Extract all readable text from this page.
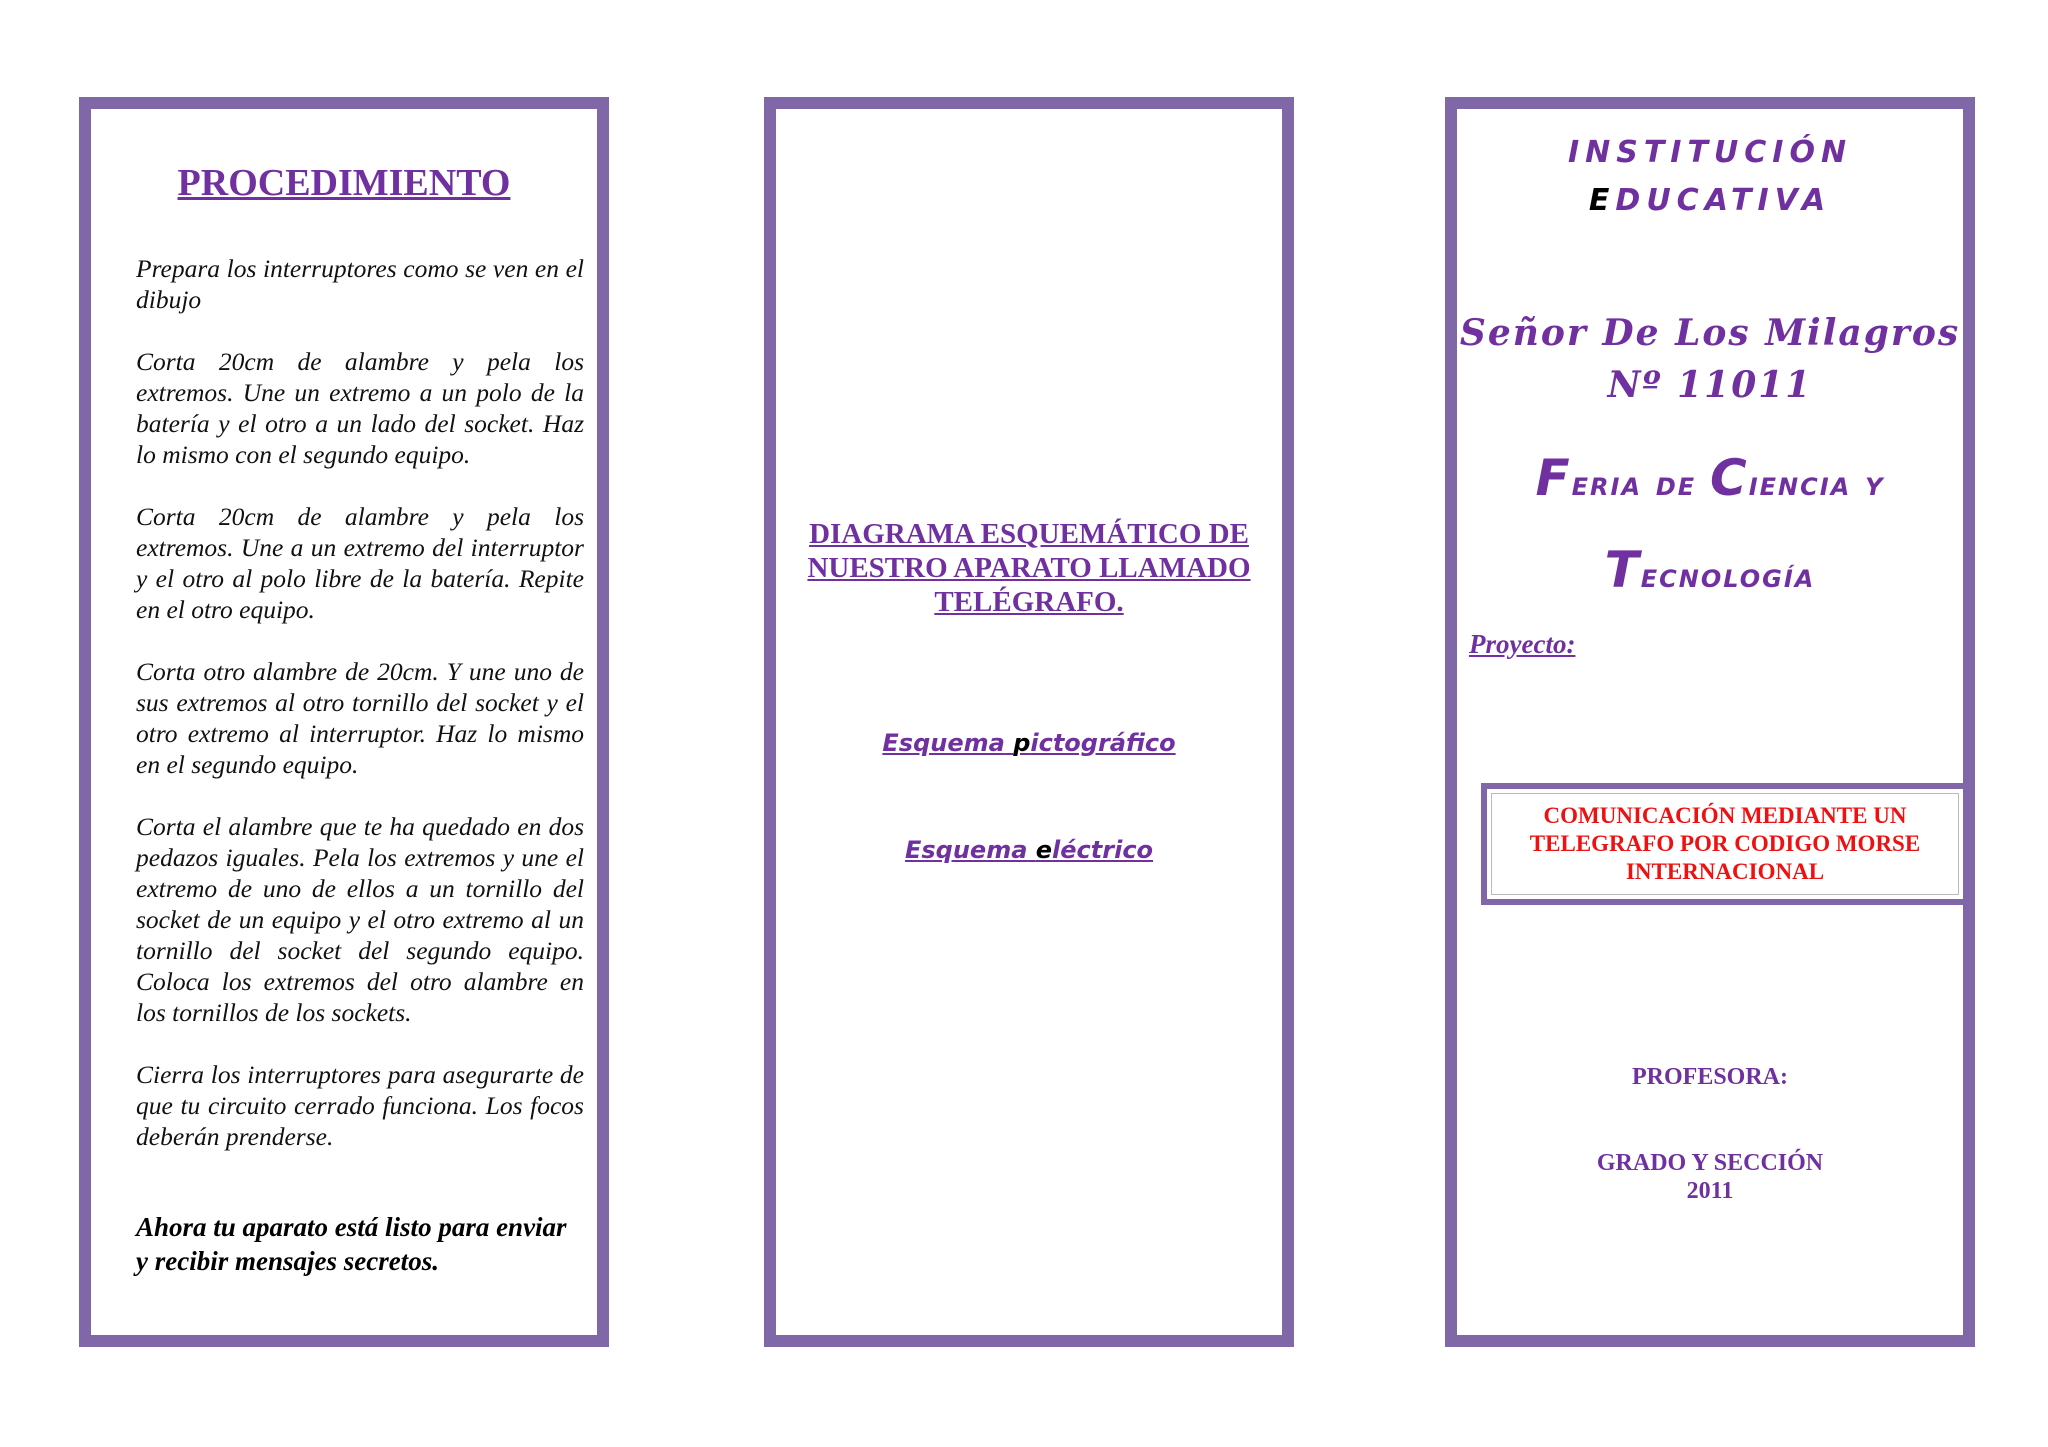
PROCEDIMIENTO

Prepara los interruptores como se ven en el dibujo

Corta 20cm de alambre y pela los extremos. Une un extremo a un polo de la batería y el otro a un lado del socket. Haz lo mismo con el segundo equipo.

Corta 20cm de alambre y pela los extremos. Une a un extremo del interruptor y el otro al polo libre de la batería. Repite en el otro equipo.

Corta otro alambre de 20cm. Y une uno de sus extremos al otro tornillo del socket y el otro extremo al interruptor. Haz lo mismo en el segundo equipo.

Corta el alambre que te ha quedado en dos pedazos iguales. Pela los extremos y une el extremo de uno de ellos a un tornillo del socket de un equipo y el otro extremo al un tornillo del socket del segundo equipo. Coloca los extremos del otro alambre en los tornillos de los sockets.

Cierra los interruptores para asegurarte de que tu circuito cerrado funciona. Los focos deberán prenderse.

Ahora tu aparato está listo para enviar y recibir mensajes secretos.
DIAGRAMA ESQUEMÁTICO DE NUESTRO APARATO LLAMADO TELÉGRAFO.
Esquema pictográfico
Esquema eléctrico
INSTITUCIÓN
EDUCATIVA
Señor De Los Milagros
Nº 11011
Feria de Ciencia y
Tecnología
Proyecto:
COMUNICACIÓN MEDIANTE UN TELEGRAFO POR CODIGO MORSE INTERNACIONAL
PROFESORA:
GRADO Y SECCIÓN
2011
